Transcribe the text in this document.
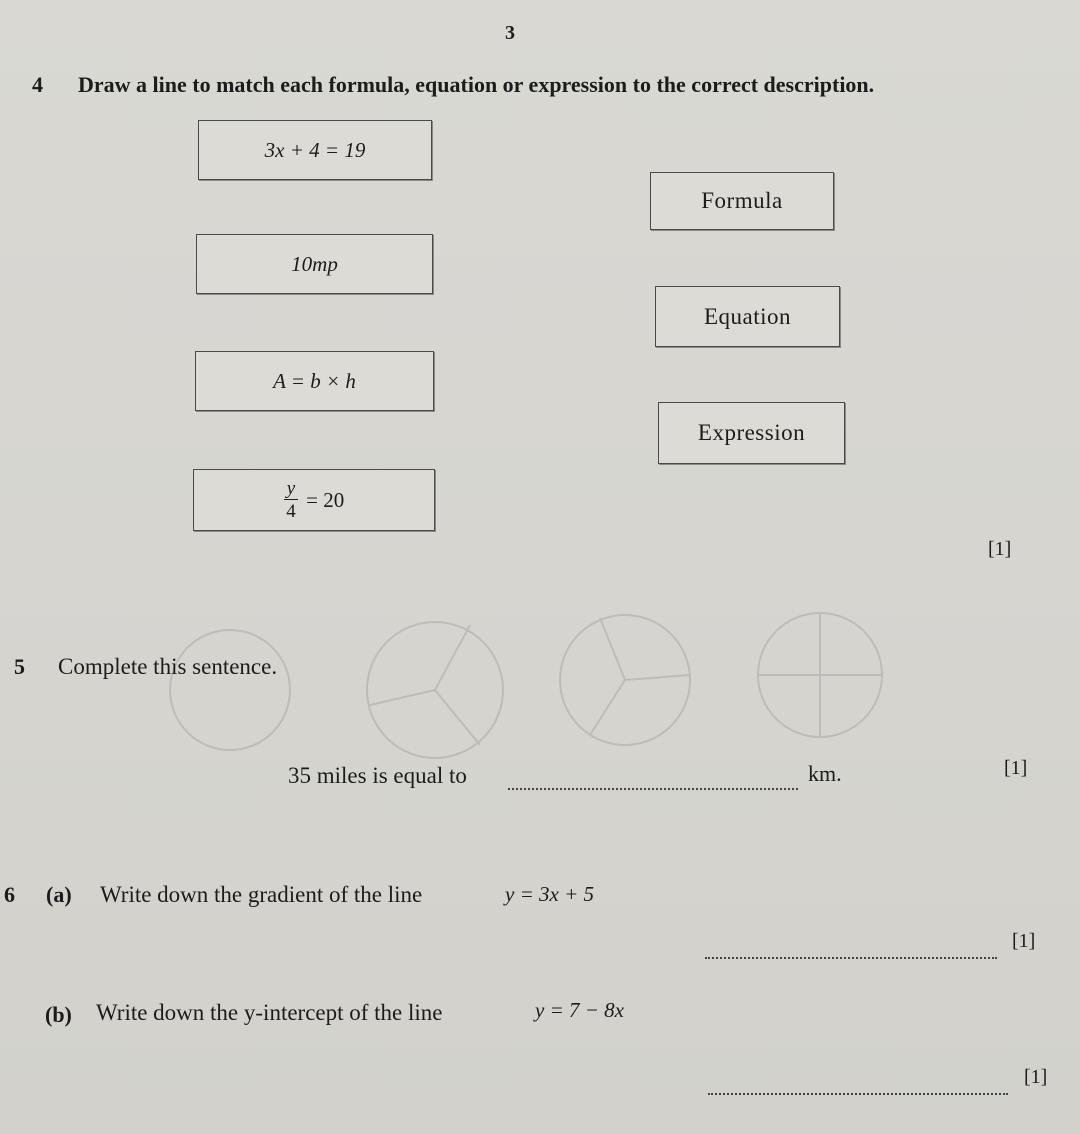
3
4 Draw a line to match each formula, equation or expression to the correct description.
3x + 4 = 19
10mp
A = b × h
$\frac{y}{4} = 20$
Formula
Equation
Expression
[1]
5 Complete this sentence.
35 miles is equal to	km.	[1]
6 (a) Write down the gradient of the line	y = 3x + 5
[1]
(b) Write down the y-intercept of the line	y = 7 − 8x
[1]
